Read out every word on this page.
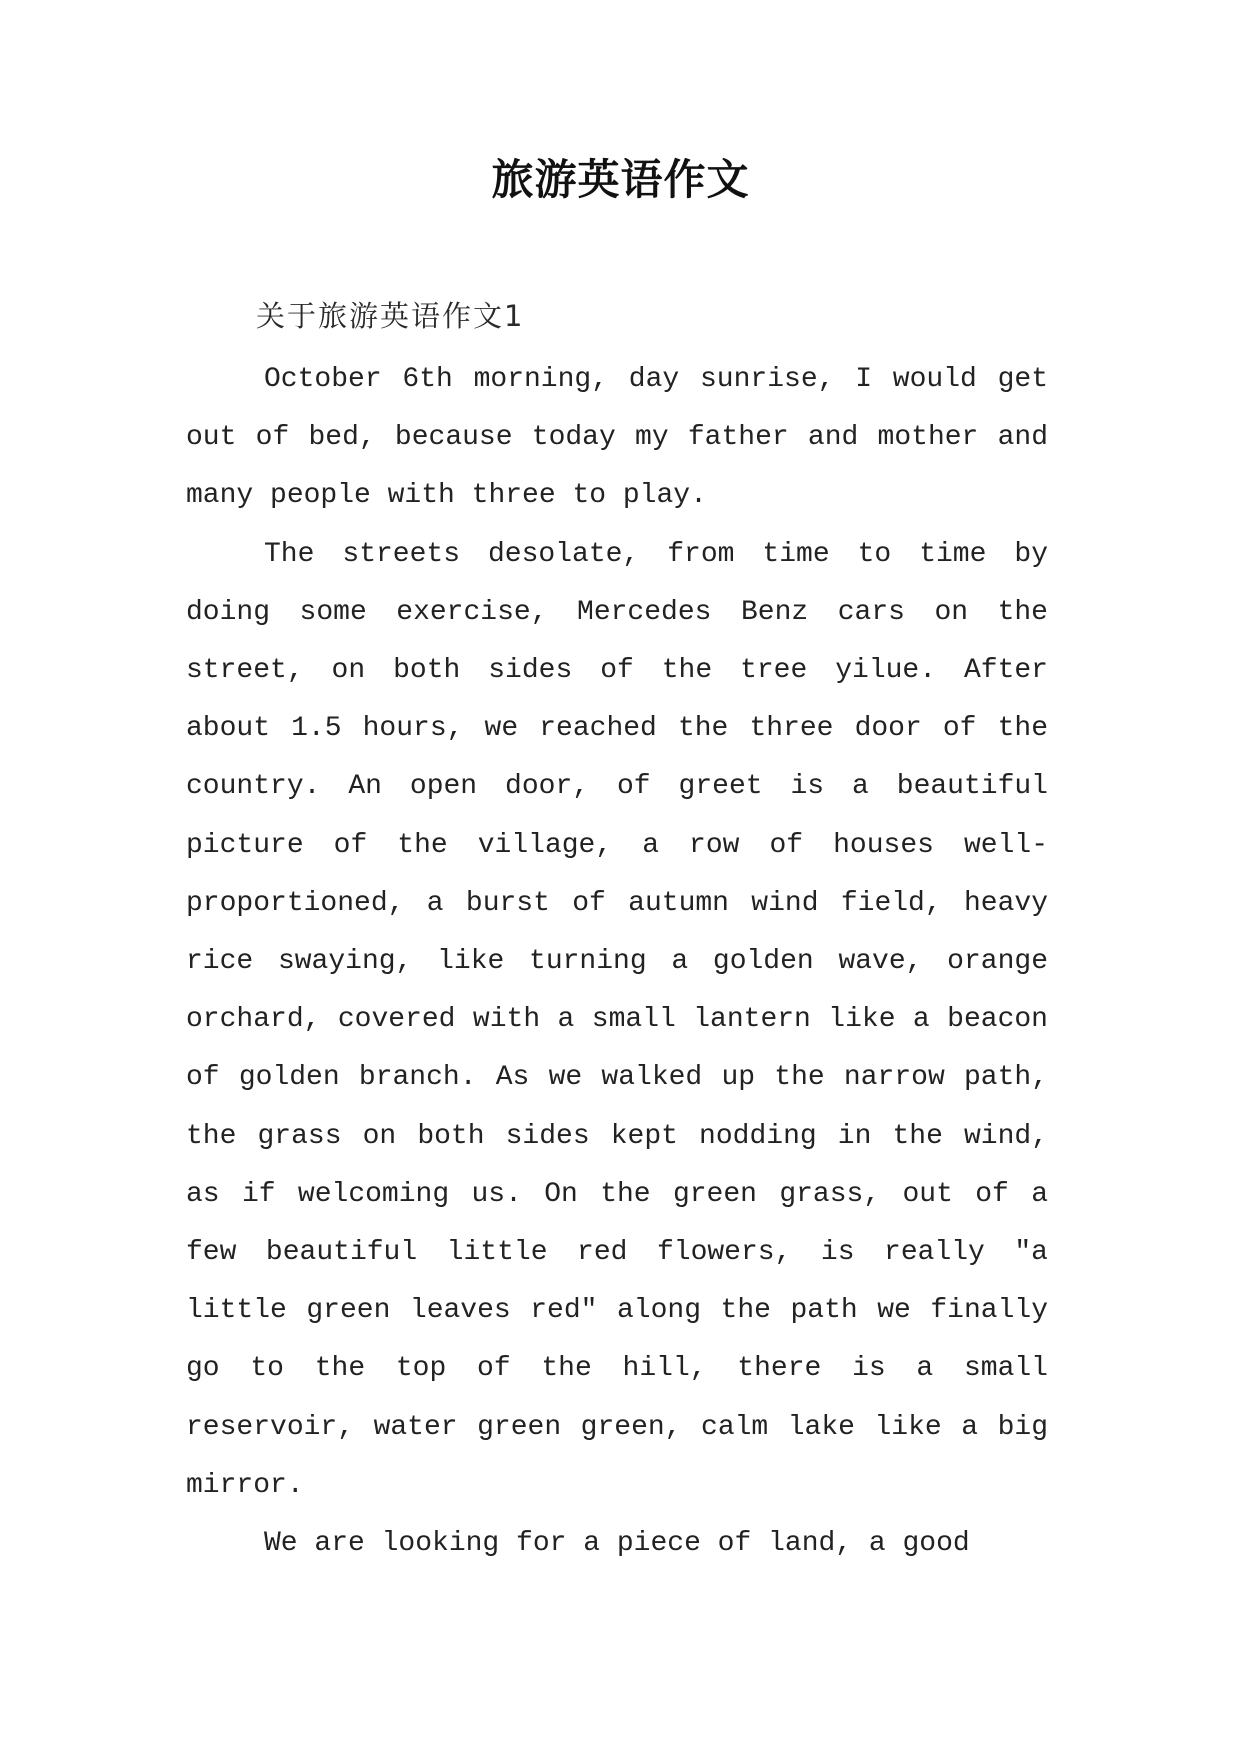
旅游英语作文
关于旅游英语作文1

October 6th morning, day sunrise, I would get out of bed, because today my father and mother and many people with three to play.

The streets desolate, from time to time by doing some exercise, Mercedes Benz cars on the street, on both sides of the tree yilue. After about 1.5 hours, we reached the three door of the country. An open door, of greet is a beautiful picture of the village, a row of houses well-proportioned, a burst of autumn wind field, heavy rice swaying, like turning a golden wave, orange orchard, covered with a small lantern like a beacon of golden branch. As we walked up the narrow path, the grass on both sides kept nodding in the wind, as if welcoming us. On the green grass, out of a few beautiful little red flowers, is really "a little green leaves red" along the path we finally go to the top of the hill, there is a small reservoir, water green green, calm lake like a big mirror.

We are looking for a piece of land, a good
